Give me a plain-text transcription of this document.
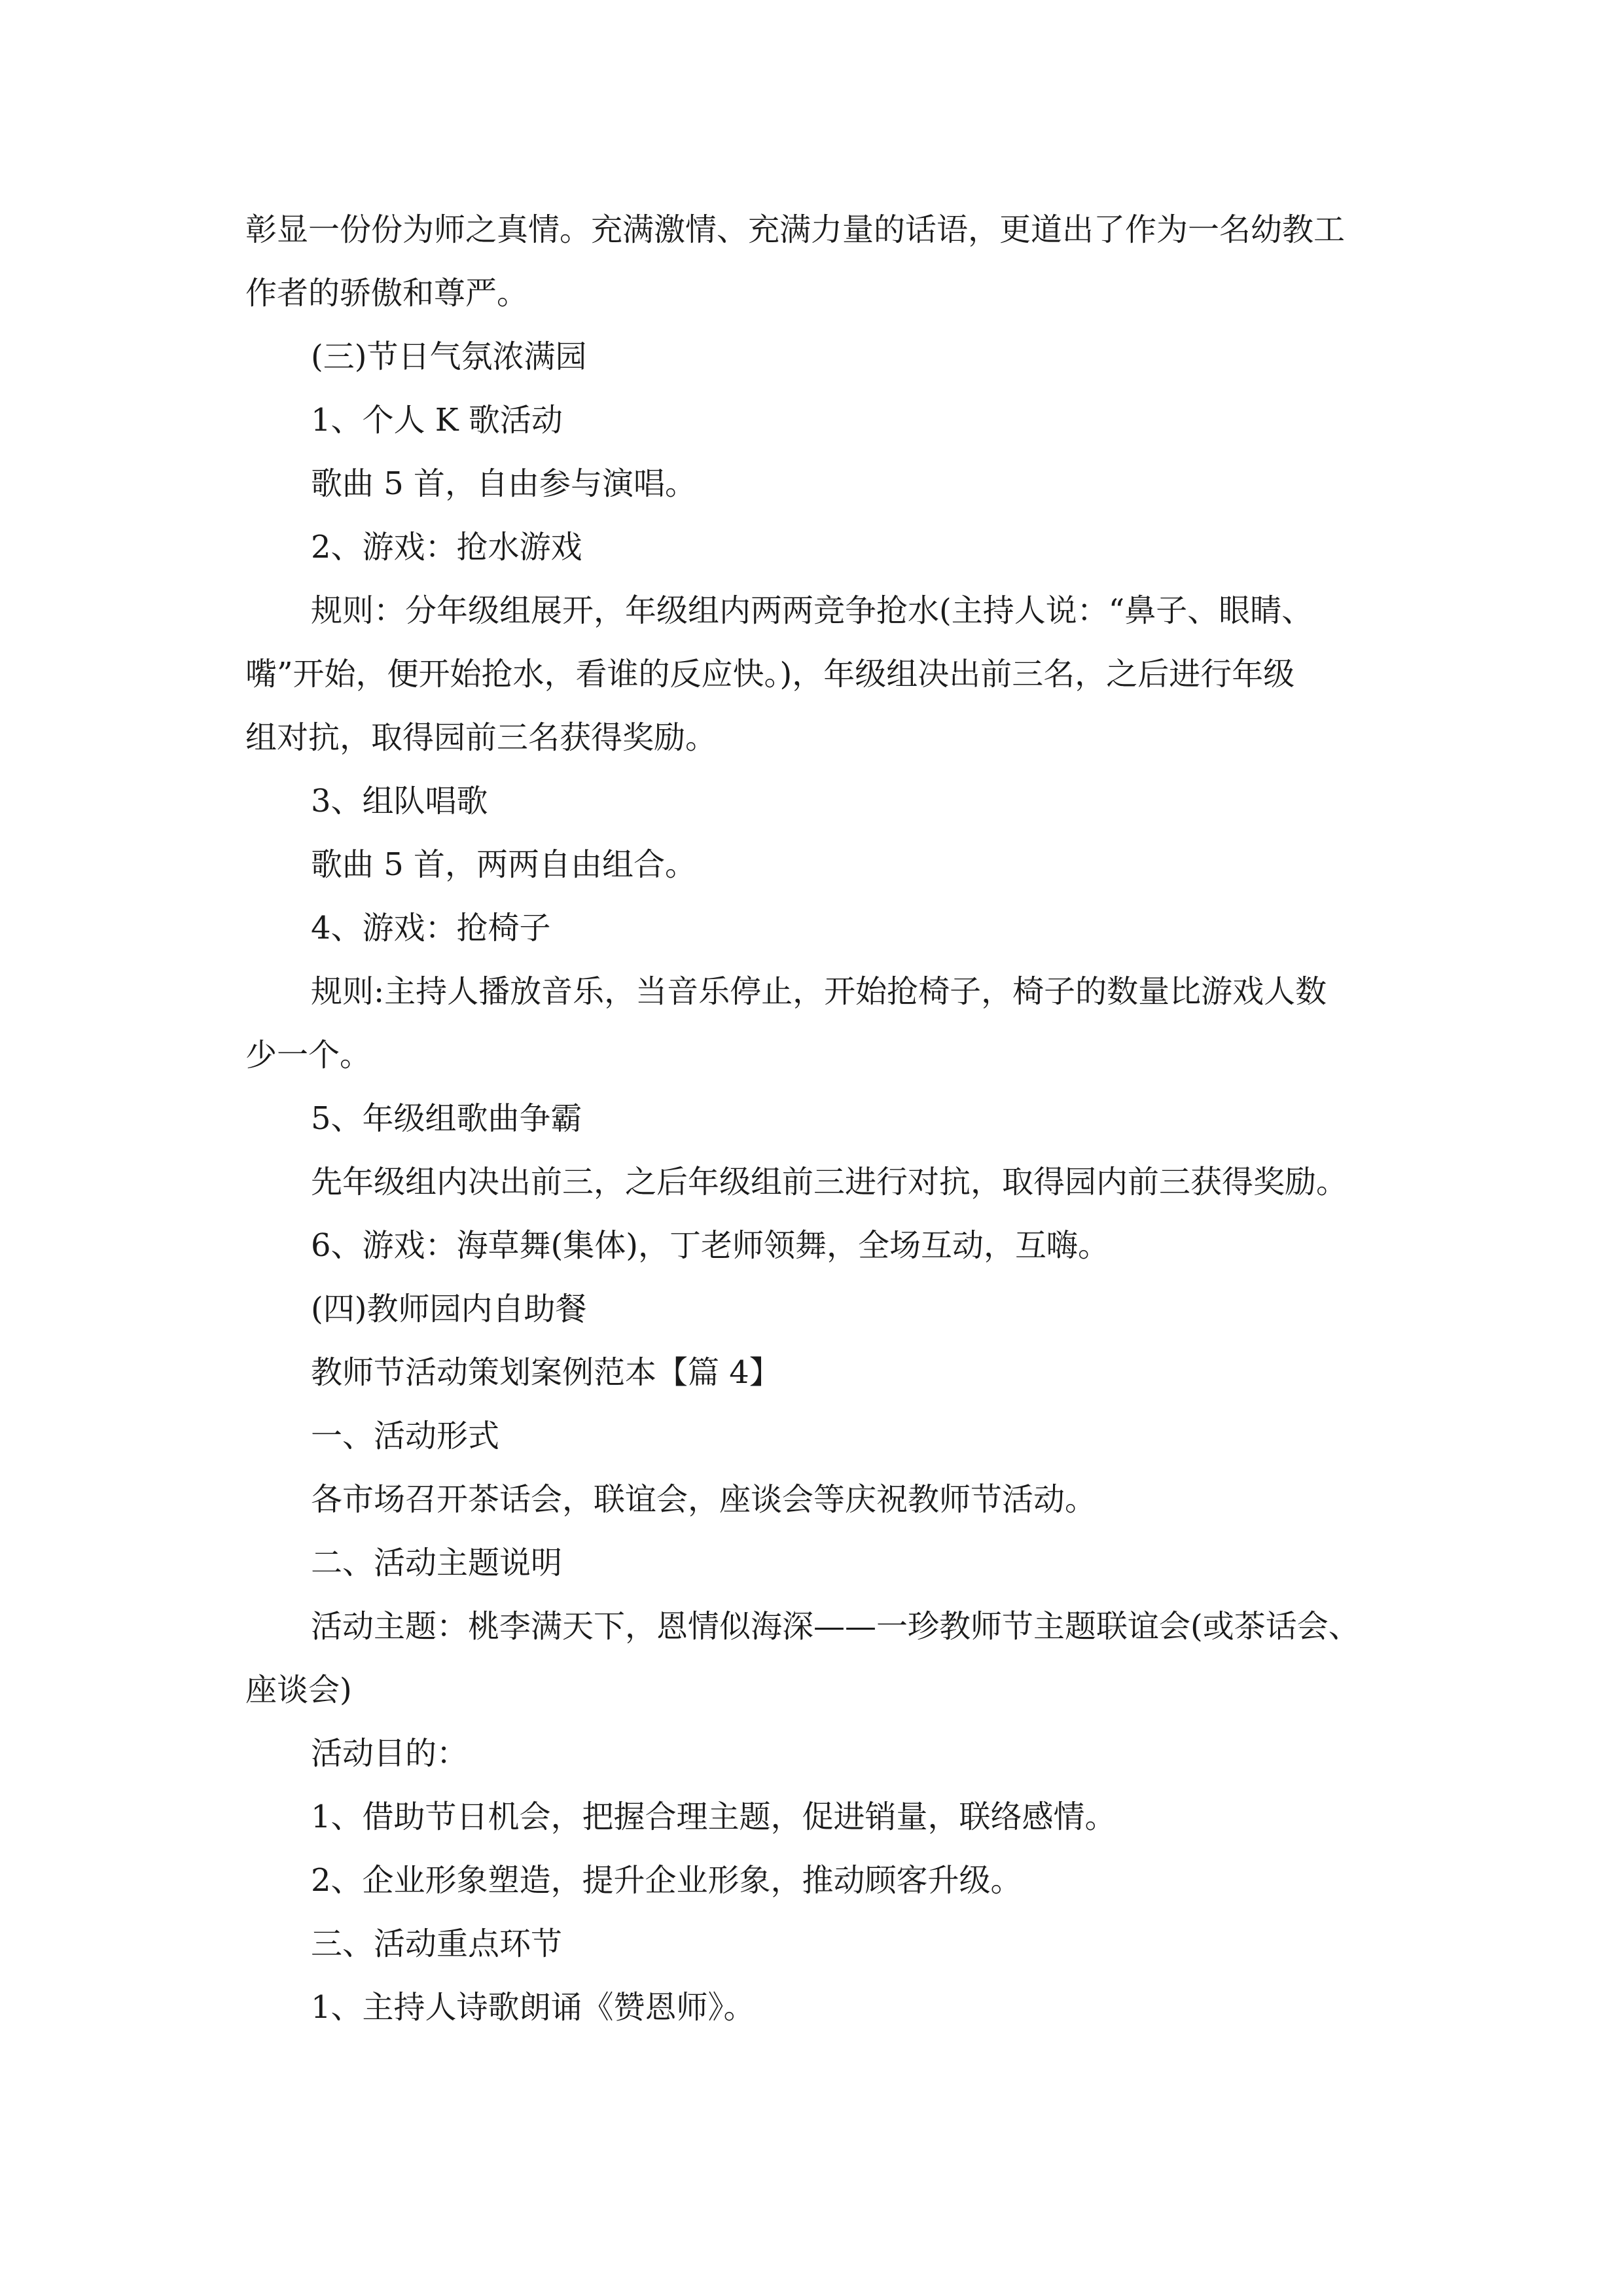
彰显一份份为师之真情。充满激情、充满力量的话语，更道出了作为一名幼教工

作者的骄傲和尊严。

(三)节日气氛浓满园

1、个人 K 歌活动

歌曲 5 首，自由参与演唱。

2、游戏：抢水游戏

规则：分年级组展开，年级组内两两竞争抢水(主持人说：“鼻子、眼睛、

嘴”开始，便开始抢水，看谁的反应快。)，年级组决出前三名，之后进行年级

组对抗，取得园前三名获得奖励。

3、组队唱歌

歌曲 5 首，两两自由组合。

4、游戏：抢椅子

规则:主持人播放音乐，当音乐停止，开始抢椅子，椅子的数量比游戏人数

少一个。

5、年级组歌曲争霸

先年级组内决出前三，之后年级组前三进行对抗，取得园内前三获得奖励。

6、游戏：海草舞(集体)，丁老师领舞，全场互动，互嗨。

(四)教师园内自助餐

教师节活动策划案例范本【篇 4】

一、活动形式

各市场召开茶话会，联谊会，座谈会等庆祝教师节活动。

二、活动主题说明

活动主题：桃李满天下，恩情似海深——一珍教师节主题联谊会(或茶话会、

座谈会)

活动目的：

1、借助节日机会，把握合理主题，促进销量，联络感情。

2、企业形象塑造，提升企业形象，推动顾客升级。

三、活动重点环节

1、主持人诗歌朗诵《赞恩师》。
